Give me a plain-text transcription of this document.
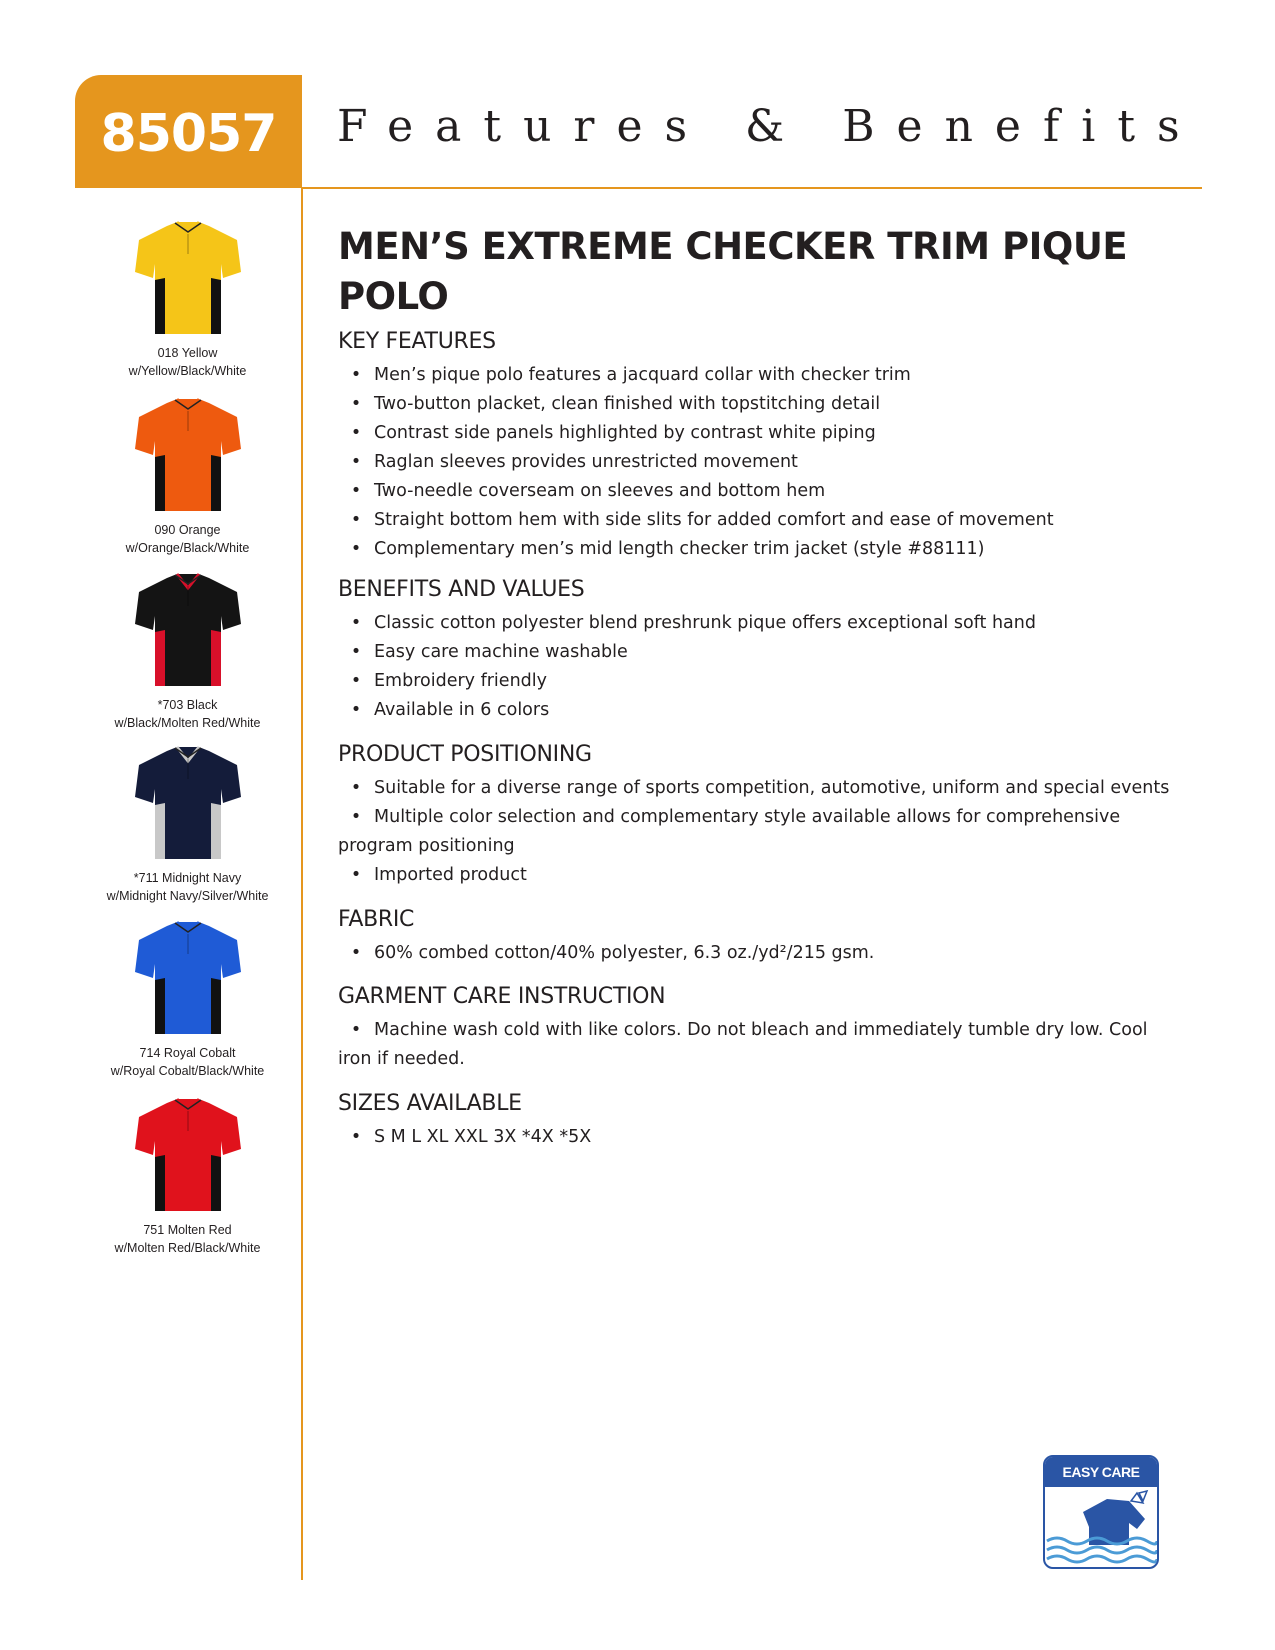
85057	Features & Benefits
018 Yellow
w/Yellow/Black/White
090 Orange
w/Orange/Black/White
*703 Black
w/Black/Molten Red/White
*711 Midnight Navy
w/Midnight Navy/Silver/White
714 Royal Cobalt
w/Royal Cobalt/Black/White
751 Molten Red
w/Molten Red/Black/White
MEN’S EXTREME CHECKER TRIM PIQUE POLO
KEY FEATURES
• Men’s pique polo features a jacquard collar with checker trim
• Two-button placket, clean finished with topstitching detail
• Contrast side panels highlighted by contrast white piping
• Raglan sleeves provides unrestricted movement
• Two-needle coverseam on sleeves and bottom hem
• Straight bottom hem with side slits for added comfort and ease of movement
• Complementary men’s mid length checker trim jacket (style #88111)
BENEFITS AND VALUES
• Classic cotton polyester blend preshrunk pique offers exceptional soft hand
• Easy care machine washable
• Embroidery friendly
• Available in 6 colors
PRODUCT POSITIONING
• Suitable for a diverse range of sports competition, automotive, uniform and special events
• Multiple color selection and complementary style available allows for comprehensive
program positioning
• Imported product
FABRIC
• 60% combed cotton/40% polyester, 6.3 oz./yd²/215 gsm.
GARMENT CARE INSTRUCTION
• Machine wash cold with like colors. Do not bleach and immediately tumble dry low. Cool
iron if needed.
SIZES AVAILABLE
• S M L XL XXL 3X *4X *5X
EASY CARE
